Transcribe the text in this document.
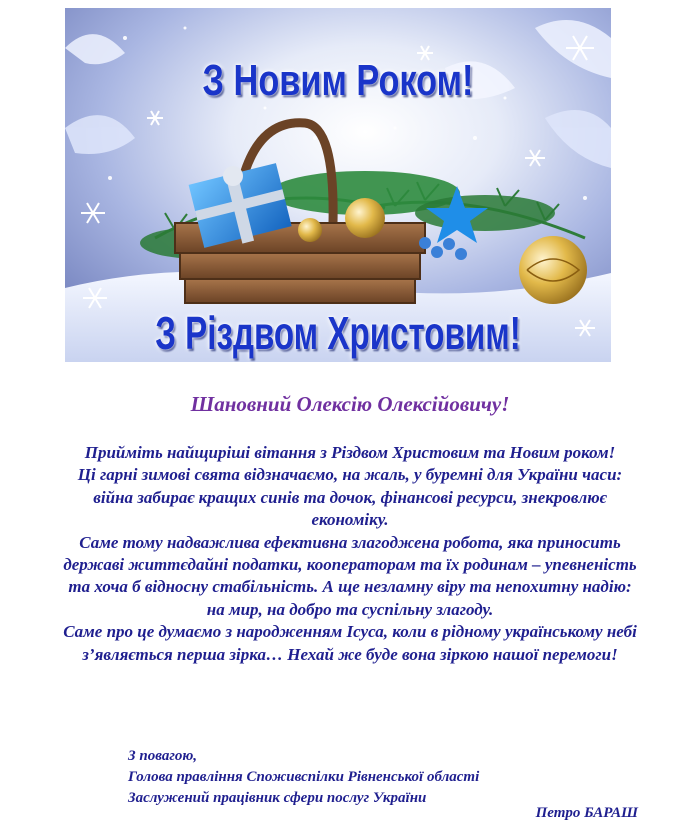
З Новим Роком!
З Різдвом Христовим!
Шановний Олексію Олексійовичу!

Прийміть найщиріші вітання з Різдвом Христовим та Новим роком!

Ці гарні зимові свята відзначаємо, на жаль, у буремні для України часи: війна забирає кращих синів та дочок, фінансові ресурси, знекровлює економіку.

Саме тому надважлива ефективна злагоджена робота, яка приносить державі життєдайні податки, кооператорам та їх родинам – упевненість та хоча б відносну стабільність. А ще незламну віру та непохитну надію: на мир, на добро та суспільну злагоду.

Саме про це думаємо з народженням Ісуса, коли в рідному українському небі з’являється перша зірка… Нехай же буде вона зіркою нашої перемоги!

З повагою,
Голова правління Споживспілки Рівненської області
Заслужений працівник сфери послуг України
Петро БАРАШ
